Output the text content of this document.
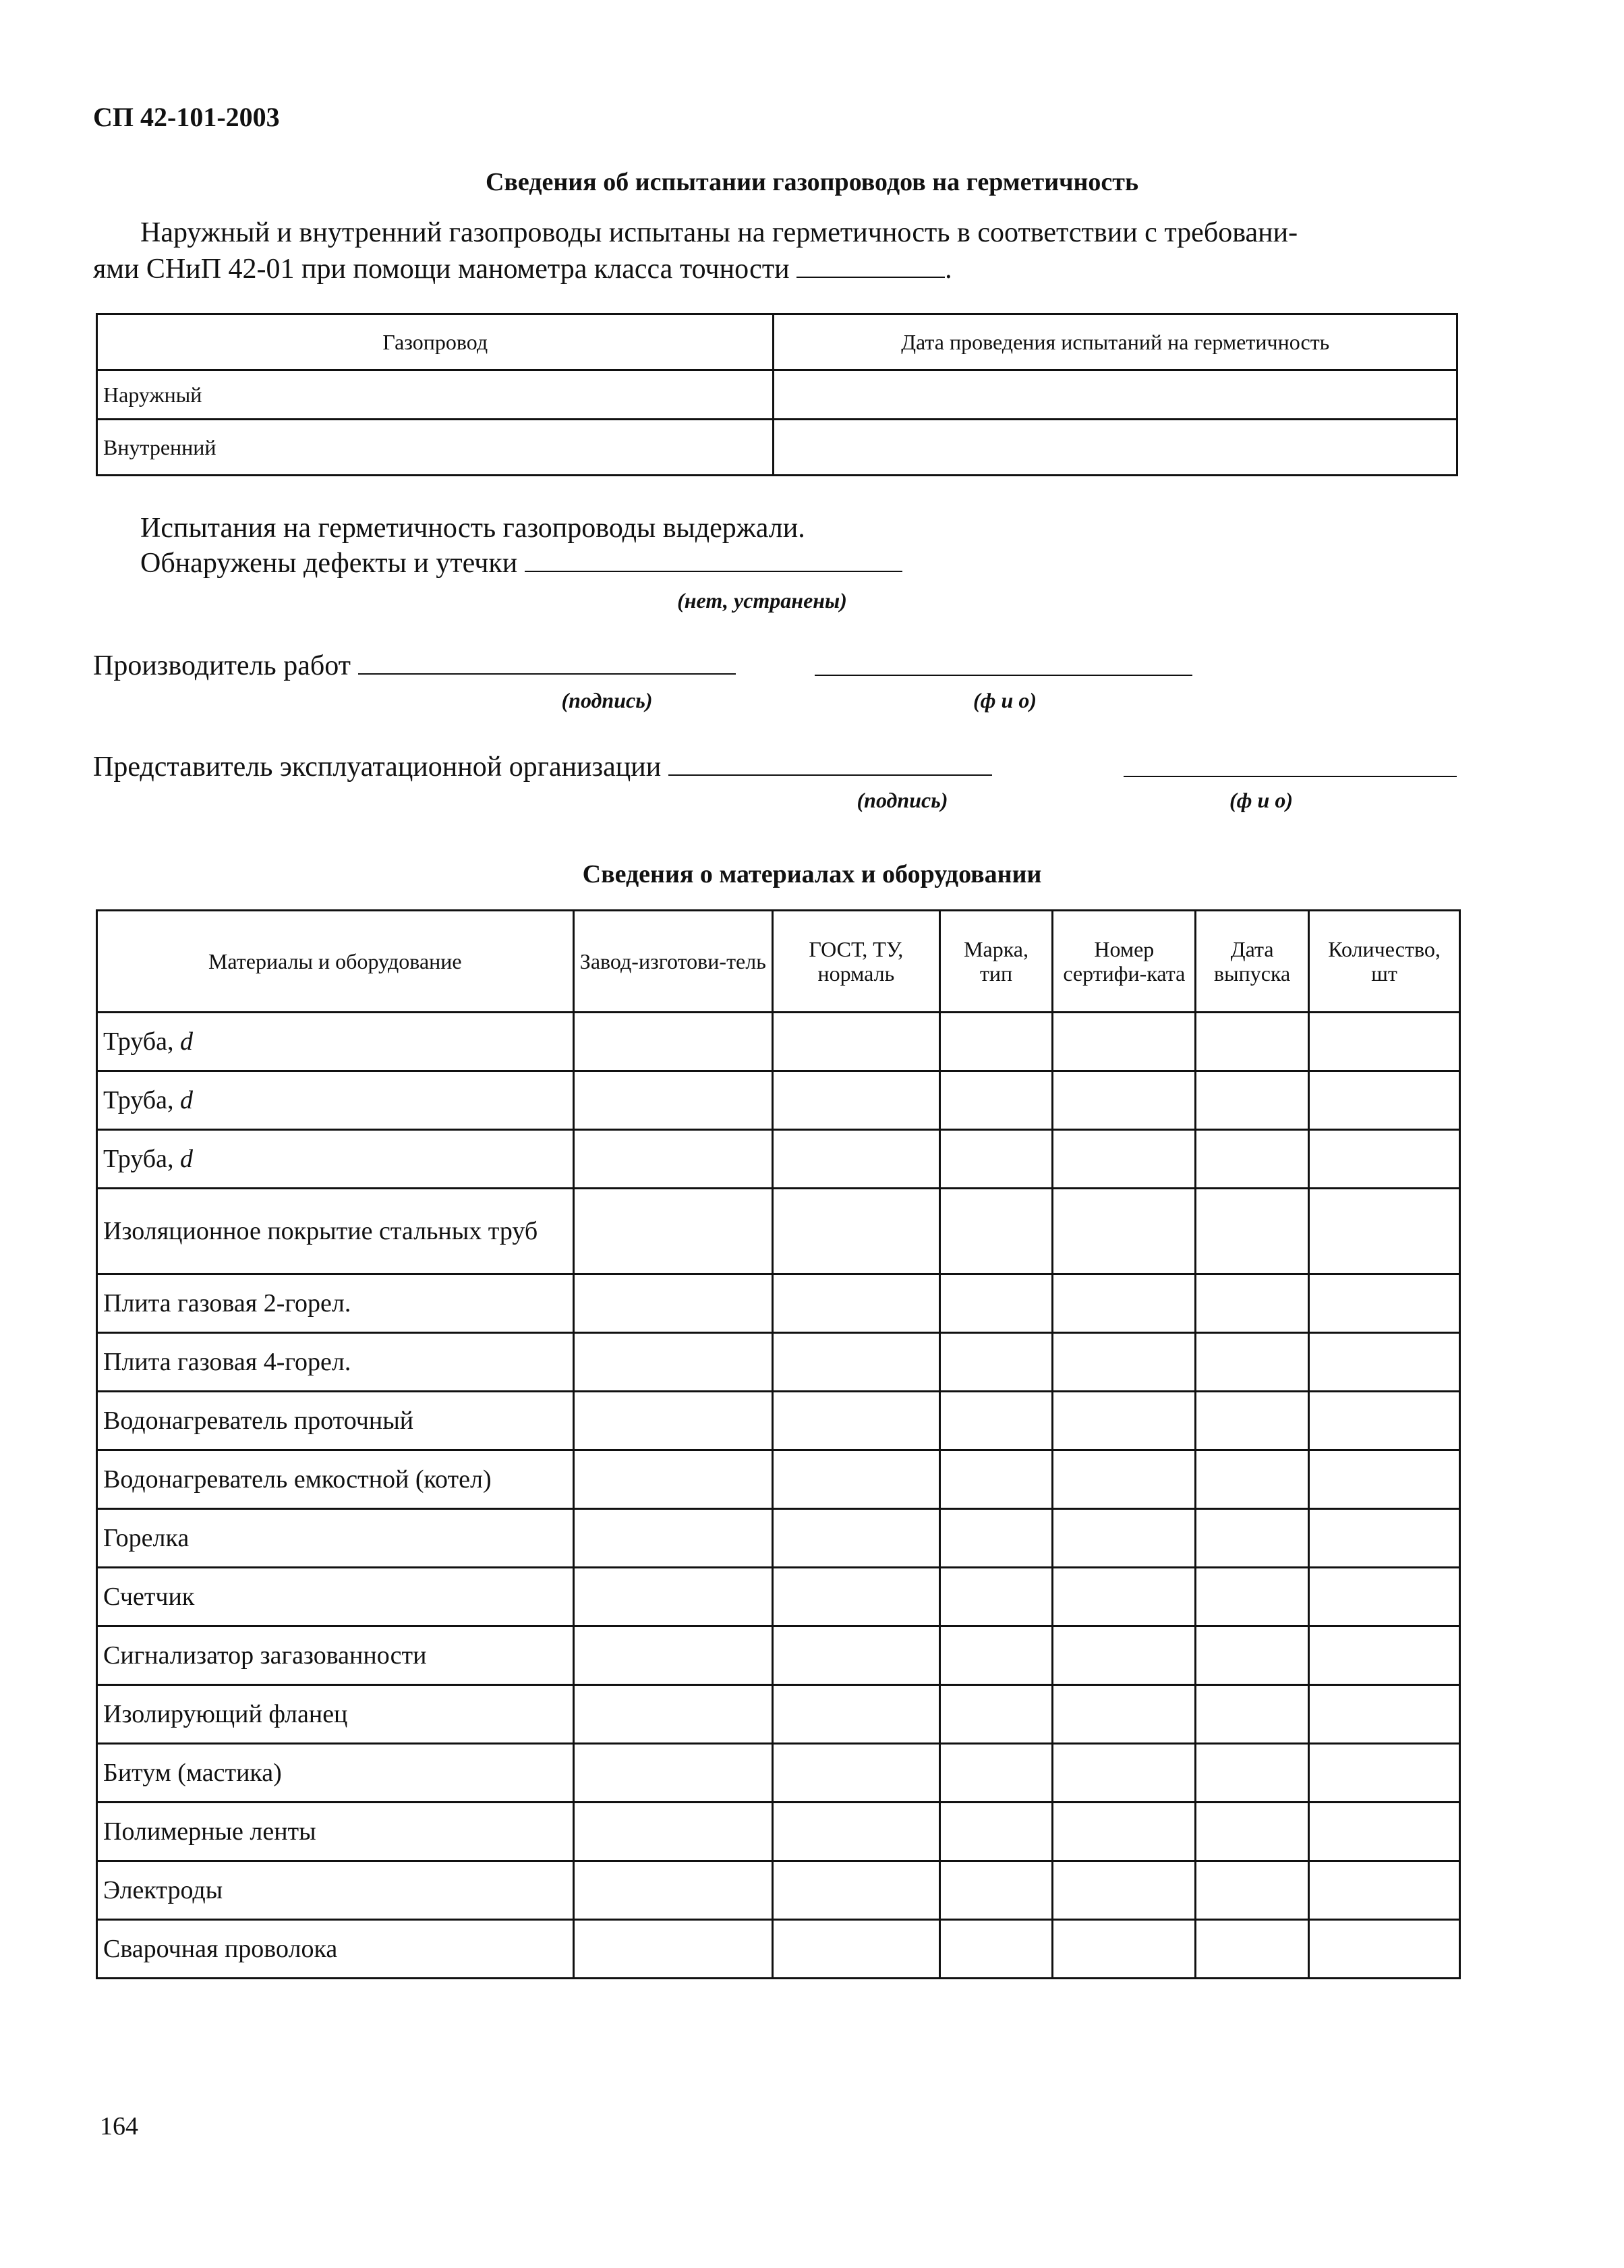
СП 42-101-2003
Сведения об испытании газопроводов на герметичность
Наружный и внутренний газопроводы испытаны на герметичность в соответствии с требовани-
ями СНиП 42-01 при помощи манометра класса точности	.
Газопровод	Дата проведения испытаний на герметичность
Наружный	
Внутренний	
Испытания на герметичность газопроводы выдержали.
Обнаружены дефекты и утечки
(нет, устранены)
Производитель работ
(подпись)	(ф и о)
Представитель эксплуатационной организации
(подпись)	(ф и о)
Сведения о материалах и оборудовании
Материалы и оборудование	Завод-изготови-тель	ГОСТ, ТУ, нормаль	Марка, тип	Номер сертифи-ката	Дата выпуска	Количество, шт
Труба, d						
Труба, d						
Труба, d						
Изоляционное покрытие стальных труб						
Плита газовая 2-горел.						
Плита газовая 4-горел.						
Водонагреватель проточный						
Водонагреватель емкостной (котел)						
Горелка						
Счетчик						
Сигнализатор загазованности						
Изолирующий фланец						
Битум (мастика)						
Полимерные ленты						
Электроды						
Сварочная проволока						
164
